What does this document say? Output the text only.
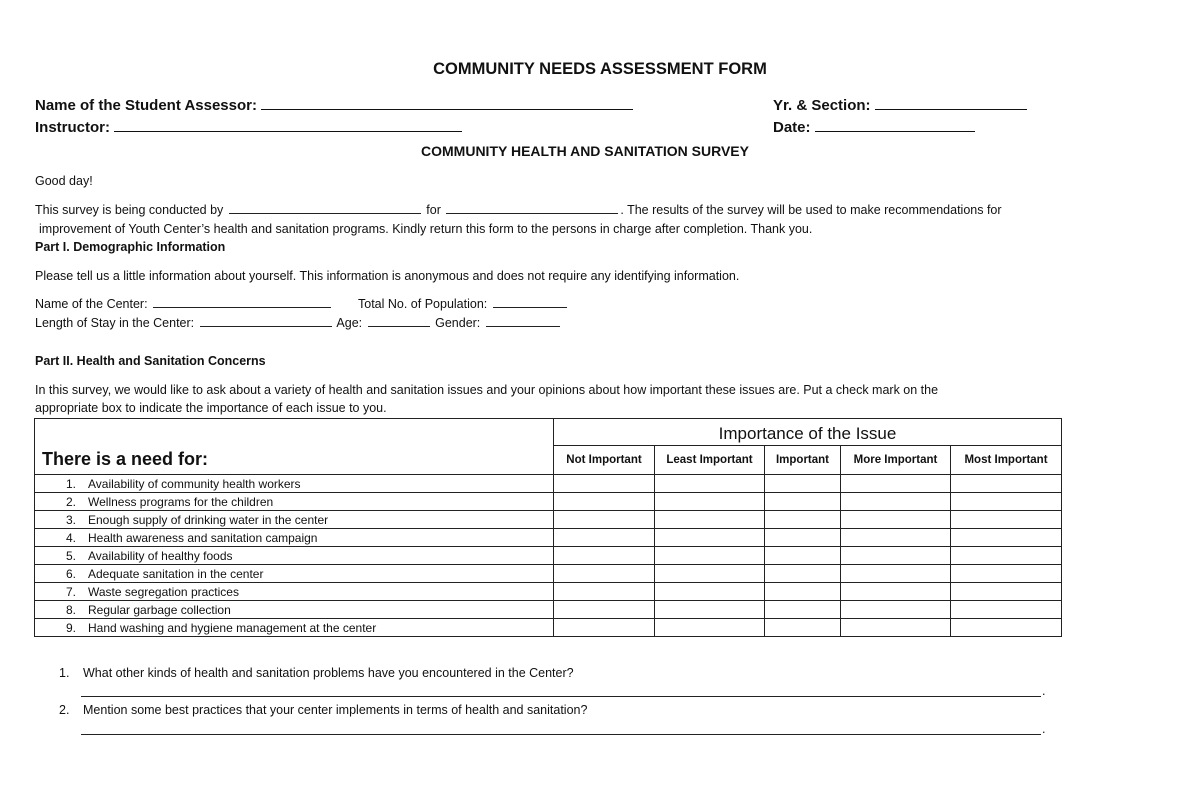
COMMUNITY NEEDS ASSESSMENT FORM
Name of the Student Assessor:	Yr. & Section:
Instructor:	Date:
COMMUNITY HEALTH AND SANITATION SURVEY
Good day!
This survey is being conducted by	for	. The results of the survey will be used to make recommendations for
improvement of Youth Center’s health and sanitation programs. Kindly return this form to the persons in charge after completion. Thank you.
Part I. Demographic Information
Please tell us a little information about yourself. This information is anonymous and does not require any identifying information.
Name of the Center:	Total No. of Population:
Length of Stay in the Center:	Age:	Gender:
Part II. Health and Sanitation Concerns
In this survey, we would like to ask about a variety of health and sanitation issues and your opinions about how important these issues are. Put a check mark on the
appropriate box to indicate the importance of each issue to you.
There is a need for:	Importance of the Issue				
	Not Important	Least Important	Important	More Important	Most Important
1. Availability of community health workers					
2. Wellness programs for the children					
3. Enough supply of drinking water in the center					
4. Health awareness and sanitation campaign					
5. Availability of healthy foods					
6. Adequate sanitation in the center					
7. Waste segregation practices					
8. Regular garbage collection					
9. Hand washing and hygiene management at the center					
1. What other kinds of health and sanitation problems have you encountered in the Center?
.
2. Mention some best practices that your center implements in terms of health and sanitation?
.
